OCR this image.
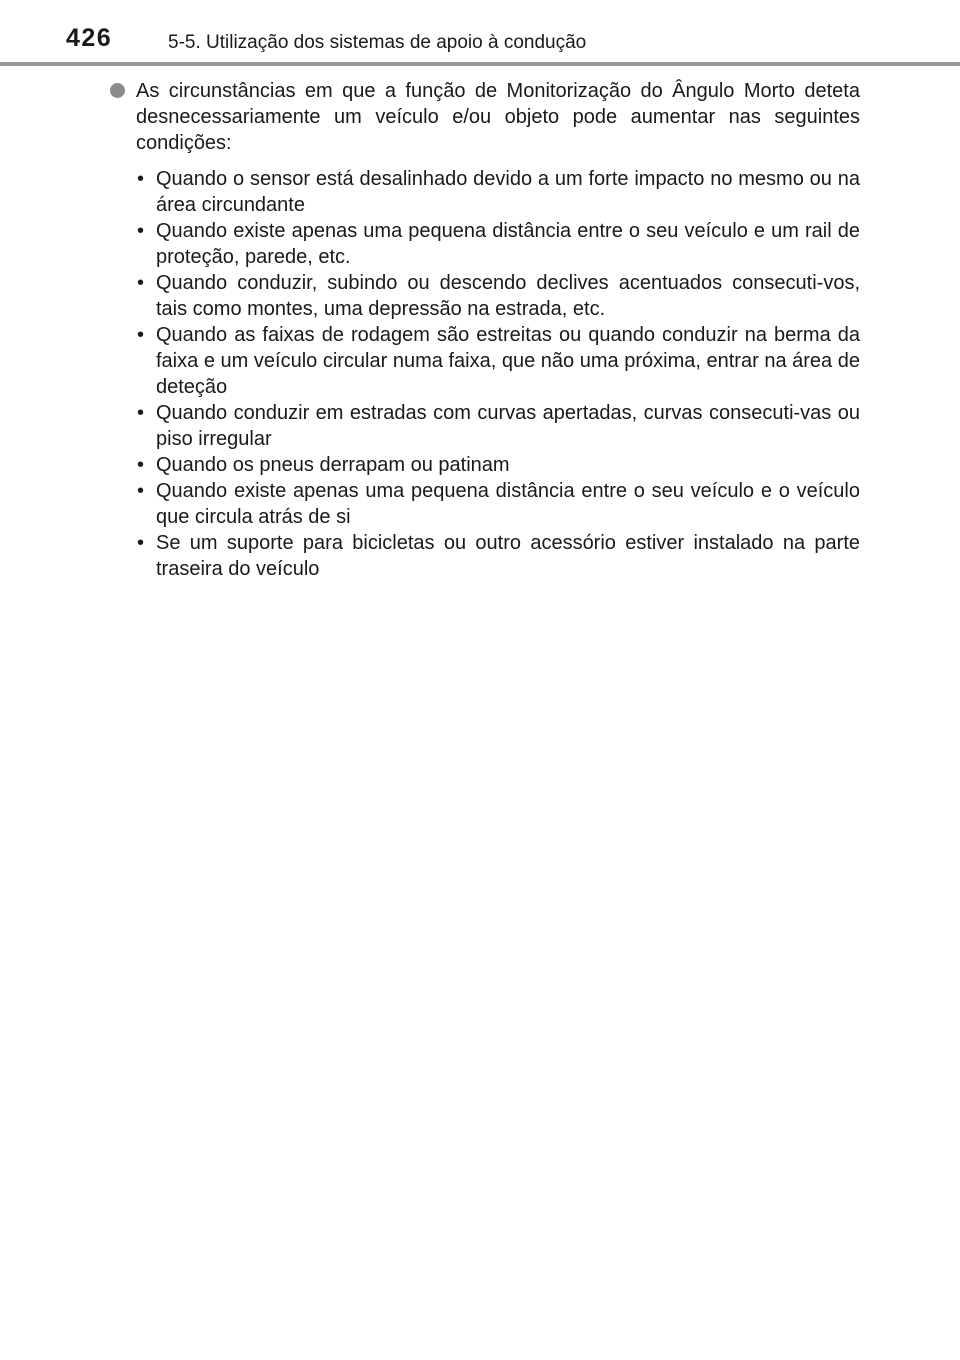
426	5-5. Utilização dos sistemas de apoio à condução
As circunstâncias em que a função de Monitorização do Ângulo Morto deteta desnecessariamente um veículo e/ou objeto pode aumentar nas seguintes condições:
• Quando o sensor está desalinhado devido a um forte impacto no mesmo ou na área circundante
• Quando existe apenas uma pequena distância entre o seu veículo e um rail de proteção, parede, etc.
• Quando conduzir, subindo ou descendo declives acentuados consecuti-vos, tais como montes, uma depressão na estrada, etc.
• Quando as faixas de rodagem são estreitas ou quando conduzir na berma da faixa e um veículo circular numa faixa, que não uma próxima, entrar na área de deteção
• Quando conduzir em estradas com curvas apertadas, curvas consecuti-vas ou piso irregular
• Quando os pneus derrapam ou patinam
• Quando existe apenas uma pequena distância entre o seu veículo e o veículo que circula atrás de si
• Se um suporte para bicicletas ou outro acessório estiver instalado na parte traseira do veículo
